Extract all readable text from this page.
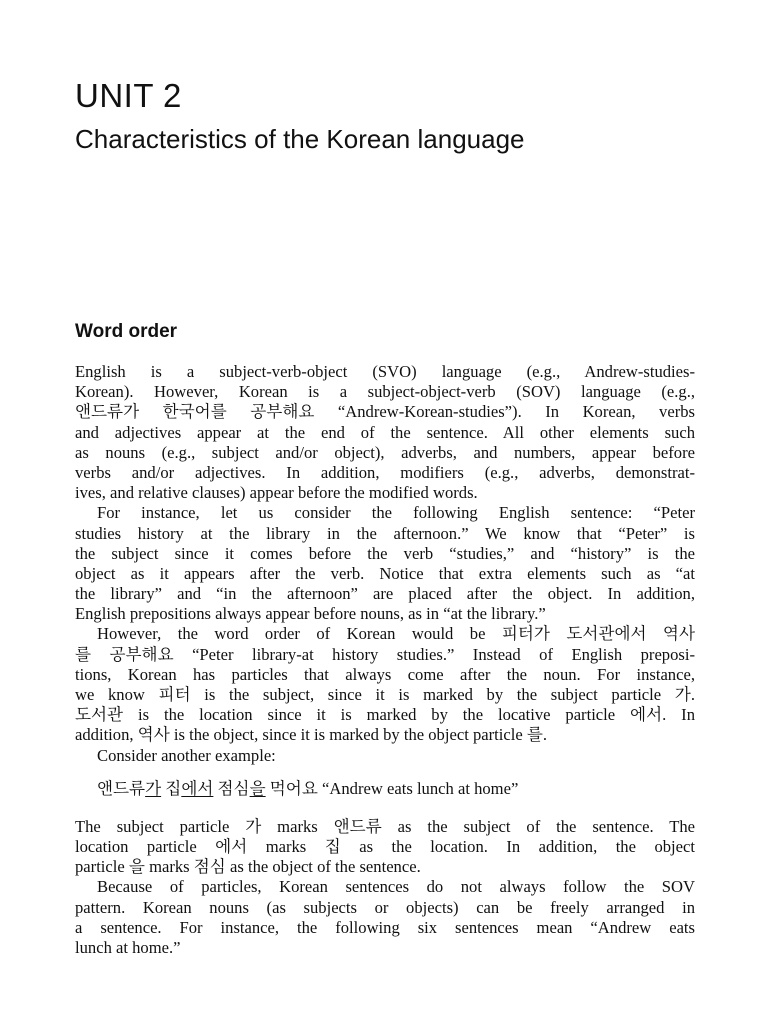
UNIT 2
Characteristics of the Korean language
Word order
English is a subject-verb-object (SVO) language (e.g., Andrew-studies-
Korean). However, Korean is a subject-object-verb (SOV) language (e.g.,
앤드류가 한국어를 공부해요 “Andrew-Korean-studies”). In Korean, verbs
and adjectives appear at the end of the sentence. All other elements such
as nouns (e.g., subject and/or object), adverbs, and numbers, appear before
verbs and/or adjectives. In addition, modifiers (e.g., adverbs, demonstrat-
ives, and relative clauses) appear before the modified words.
For instance, let us consider the following English sentence: “Peter
studies history at the library in the afternoon.” We know that “Peter” is
the subject since it comes before the verb “studies,” and “history” is the
object as it appears after the verb. Notice that extra elements such as “at
the library” and “in the afternoon” are placed after the object. In addition,
English prepositions always appear before nouns, as in “at the library.”
However, the word order of Korean would be 피터가 도서관에서 역사
를 공부해요 “Peter library-at history studies.” Instead of English preposi-
tions, Korean has particles that always come after the noun. For instance,
we know 피터 is the subject, since it is marked by the subject particle 가.
도서관 is the location since it is marked by the locative particle 에서. In
addition, 역사 is the object, since it is marked by the object particle 를.
Consider another example:
앤드류가 집에서 점심을 먹어요 “Andrew eats lunch at home”
The subject particle 가 marks 앤드류 as the subject of the sentence. The
location particle 에서 marks 집 as the location. In addition, the object
particle 을 marks 점심 as the object of the sentence.
Because of particles, Korean sentences do not always follow the SOV
pattern. Korean nouns (as subjects or objects) can be freely arranged in
a sentence. For instance, the following six sentences mean “Andrew eats
lunch at home.”
